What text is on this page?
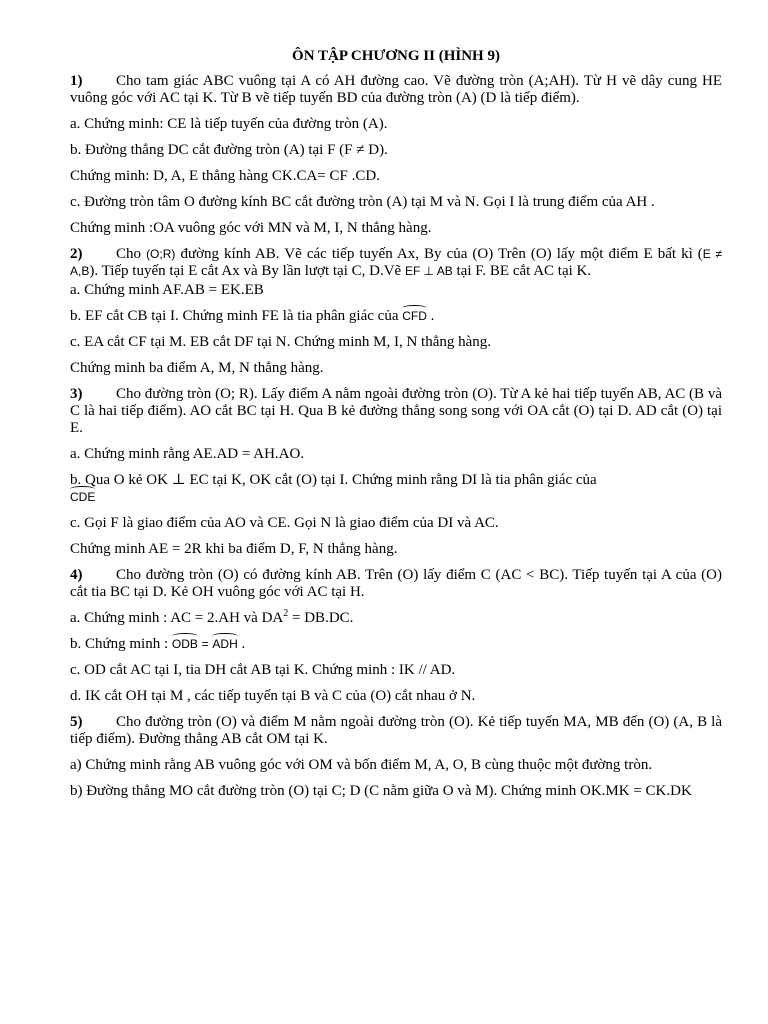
ÔN TẬP CHƯƠNG II (HÌNH 9)

1) Cho tam giác ABC vuông tại A có AH đường cao. Vẽ đường tròn (A;AH). Từ H vẽ dây cung HE vuông góc với AC tại K. Từ B vẽ tiếp tuyến BD của đường tròn (A) (D là tiếp điểm).

a. Chứng minh: CE là tiếp tuyến của đường tròn (A).

b. Đường thẳng DC cắt đường tròn (A) tại F (F ≠ D).

Chứng minh: D, A, E thẳng hàng CK.CA= CF .CD.

c. Đường tròn tâm O đường kính BC cắt đường tròn (A) tại M và N. Gọi I là trung điểm của AH .

Chứng minh :OA vuông góc với MN và M, I, N thẳng hàng.

2) Cho (O;R) đường kính AB. Vẽ các tiếp tuyến Ax, By của (O) Trên (O) lấy một điểm E bất kì (E ≠ A,B). Tiếp tuyến tại E cắt Ax và By lần lượt tại C, D.Vẽ EF ⊥ AB tại F. BE cắt AC tại K.

a. Chứng minh AF.AB = EK.EB

b. EF cắt CB tại I. Chứng minh FE là tia phân giác của CFD .

c. EA cắt CF tại M. EB cắt DF tại N. Chứng minh M, I, N thẳng hàng.

Chứng minh ba điểm A, M, N thẳng hàng.

3) Cho đường tròn (O; R). Lấy điểm A nằm ngoài đường tròn (O). Từ A kẻ hai tiếp tuyến AB, AC (B và C là hai tiếp điểm). AO cắt BC tại H. Qua B kẻ đường thẳng song song với OA cắt (O) tại D. AD cắt (O) tại E.

a. Chứng minh rằng AE.AD = AH.AO.

b. Qua O kẻ OK ⊥ EC tại K, OK cắt (O) tại I. Chứng minh rằng DI là tia phân giác của
CDE

c. Gọi F là giao điểm của AO và CE. Gọi N là giao điểm của DI và AC.

Chứng minh AE = 2R khi ba điểm D, F, N thẳng hàng.

4) Cho đường tròn (O) có đường kính AB. Trên (O) lấy điểm C (AC < BC). Tiếp tuyến tại A của (O) cắt tia BC tại D. Kẻ OH vuông góc với AC tại H.

a. Chứng minh : AC = 2.AH và $DA^2 = DB.DC$.

b. Chứng minh : ODB = ADH .

c. OD cắt AC tại I, tia DH cắt AB tại K. Chứng minh : IK // AD.

d. IK cắt OH tại M , các tiếp tuyến tại B và C của (O) cắt nhau ở N.

5) Cho đường tròn (O) và điểm M nằm ngoài đường tròn (O). Kẻ tiếp tuyến MA, MB đến (O) (A, B là tiếp điểm). Đường thẳng AB cắt OM tại K.

a) Chứng minh rằng AB vuông góc với OM và bốn điểm M, A, O, B cùng thuộc một đường tròn.

b) Đường thẳng MO cắt đường tròn (O) tại C; D (C nằm giữa O và M). Chứng minh OK.MK = CK.DK
